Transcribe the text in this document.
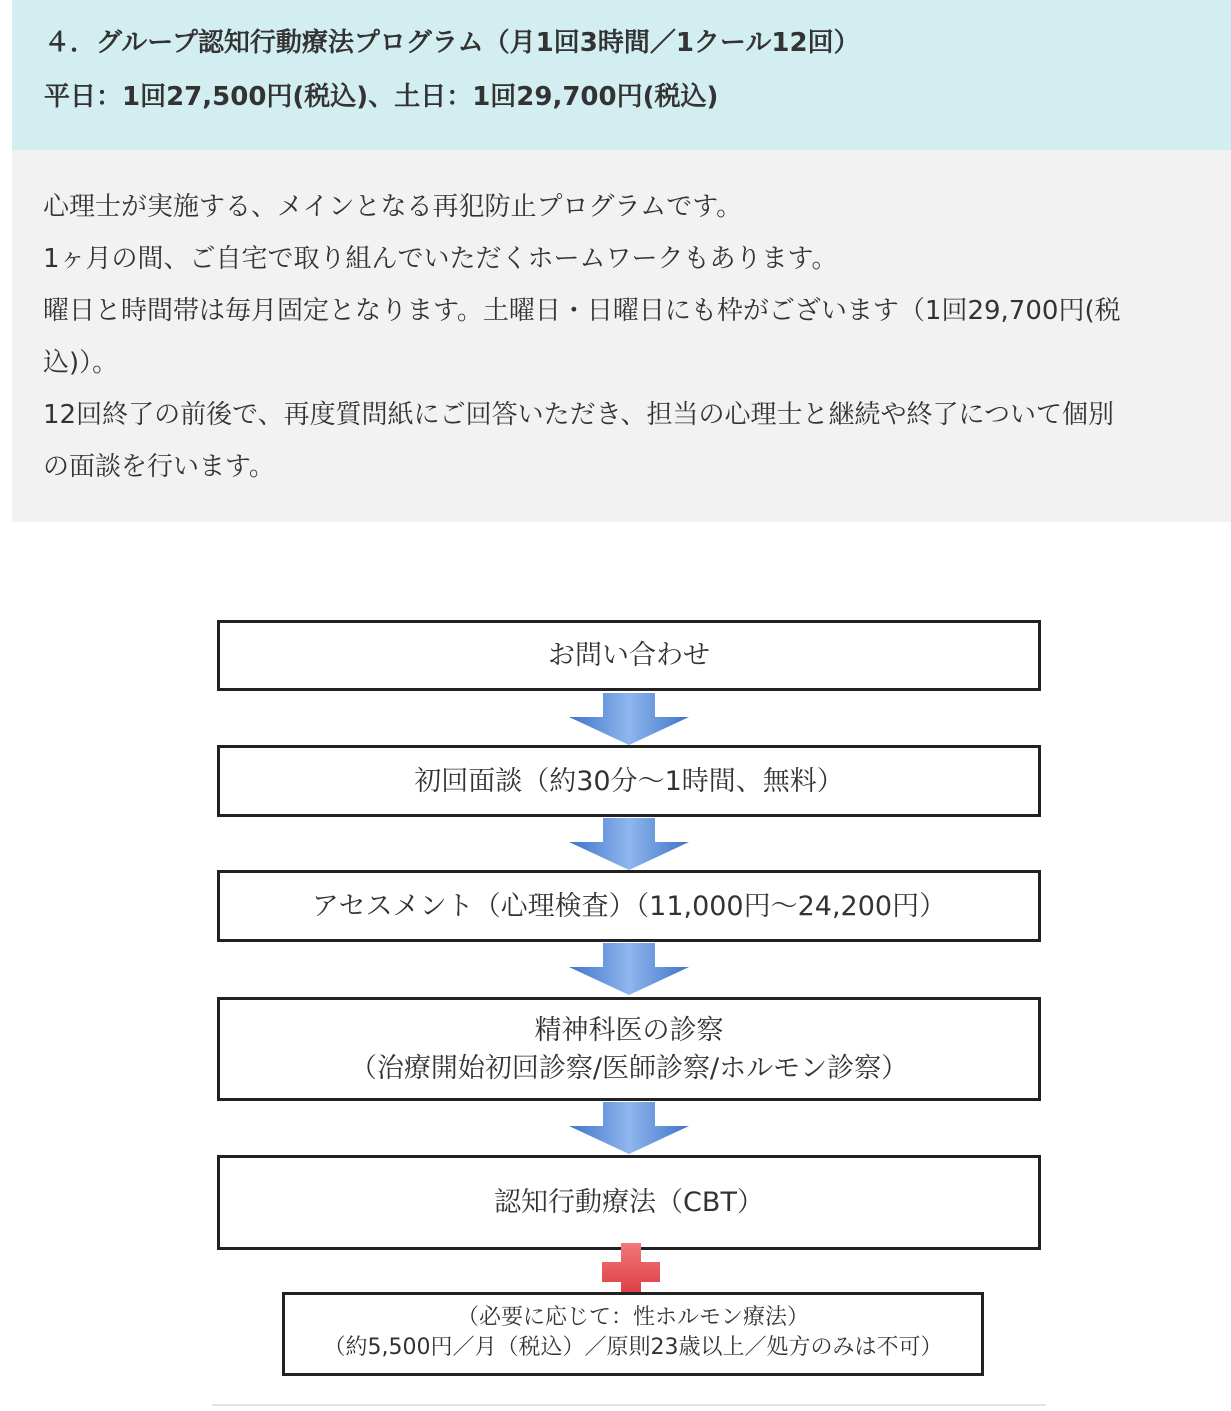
４．グループ認知行動療法プログラム（月1回3時間／1クール12回）
平日：1回27,500円(税込)、土日：1回29,700円(税込)
心理士が実施する、メインとなる再犯防止プログラムです。
1ヶ月の間、ご自宅で取り組んでいただくホームワークもあります。
曜日と時間帯は毎月固定となります。土曜日・日曜日にも枠がございます（1回29,700円(税
込)）。
12回終了の前後で、再度質問紙にご回答いただき、担当の心理士と継続や終了について個別
の面談を行います。
お問い合わせ
初回面談（約30分～1時間、無料）
アセスメント（心理検査）（11,000円～24,200円）
精神科医の診察
（治療開始初回診察/医師診察/ホルモン診察）
認知行動療法（CBT）
（必要に応じて：性ホルモン療法）
（約5,500円／月（税込）／原則23歳以上／処方のみは不可）
